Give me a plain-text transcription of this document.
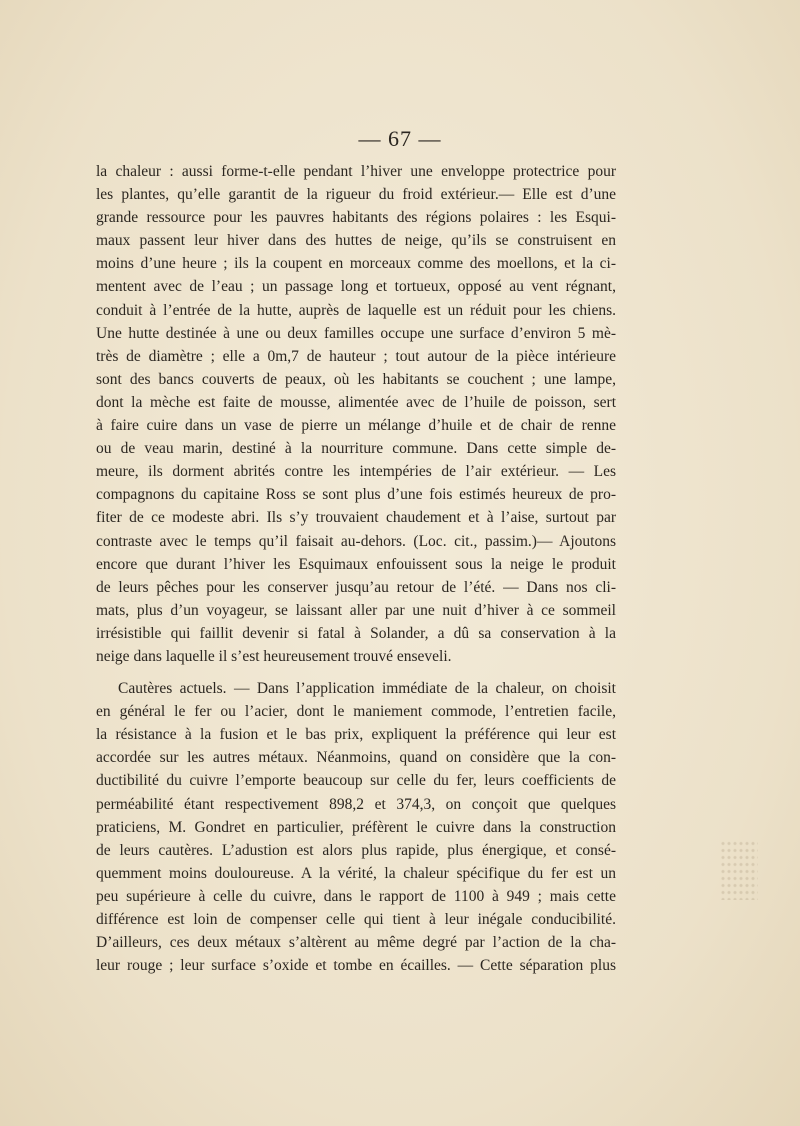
— 67 —
la chaleur : aussi forme-t-elle pendant l’hiver une enveloppe protectrice pour
les plantes, qu’elle garantit de la rigueur du froid extérieur.— Elle est d’une
grande ressource pour les pauvres habitants des régions polaires : les Esqui-
maux passent leur hiver dans des huttes de neige, qu’ils se construisent en
moins d’une heure ; ils la coupent en morceaux comme des moellons, et la ci-
mentent avec de l’eau ; un passage long et tortueux, opposé au vent régnant,
conduit à l’entrée de la hutte, auprès de laquelle est un réduit pour les chiens.
Une hutte destinée à une ou deux familles occupe une surface d’environ 5 mè-
très de diamètre ; elle a 0m,7 de hauteur ; tout autour de la pièce intérieure
sont des bancs couverts de peaux, où les habitants se couchent ; une lampe,
dont la mèche est faite de mousse, alimentée avec de l’huile de poisson, sert
à faire cuire dans un vase de pierre un mélange d’huile et de chair de renne
ou de veau marin, destiné à la nourriture commune. Dans cette simple de-
meure, ils dorment abrités contre les intempéries de l’air extérieur. — Les
compagnons du capitaine Ross se sont plus d’une fois estimés heureux de pro-
fiter de ce modeste abri. Ils s’y trouvaient chaudement et à l’aise, surtout par
contraste avec le temps qu’il faisait au-dehors. (Loc. cit., passim.)— Ajoutons
encore que durant l’hiver les Esquimaux enfouissent sous la neige le produit
de leurs pêches pour les conserver jusqu’au retour de l’été. — Dans nos cli-
mats, plus d’un voyageur, se laissant aller par une nuit d’hiver à ce sommeil
irrésistible qui faillit devenir si fatal à Solander, a dû sa conservation à la
neige dans laquelle il s’est heureusement trouvé enseveli.
Cautères actuels. — Dans l’application immédiate de la chaleur, on choisit
en général le fer ou l’acier, dont le maniement commode, l’entretien facile,
la résistance à la fusion et le bas prix, expliquent la préférence qui leur est
accordée sur les autres métaux. Néanmoins, quand on considère que la con-
ductibilité du cuivre l’emporte beaucoup sur celle du fer, leurs coefficients de
perméabilité étant respectivement 898,2 et 374,3, on conçoit que quelques
praticiens, M. Gondret en particulier, préfèrent le cuivre dans la construction
de leurs cautères. L’adustion est alors plus rapide, plus énergique, et consé-
quemment moins douloureuse. A la vérité, la chaleur spécifique du fer est un
peu supérieure à celle du cuivre, dans le rapport de 1100 à 949 ; mais cette
différence est loin de compenser celle qui tient à leur inégale conducibilité.
D’ailleurs, ces deux métaux s’altèrent au même degré par l’action de la cha-
leur rouge ; leur surface s’oxide et tombe en écailles. — Cette séparation plus
